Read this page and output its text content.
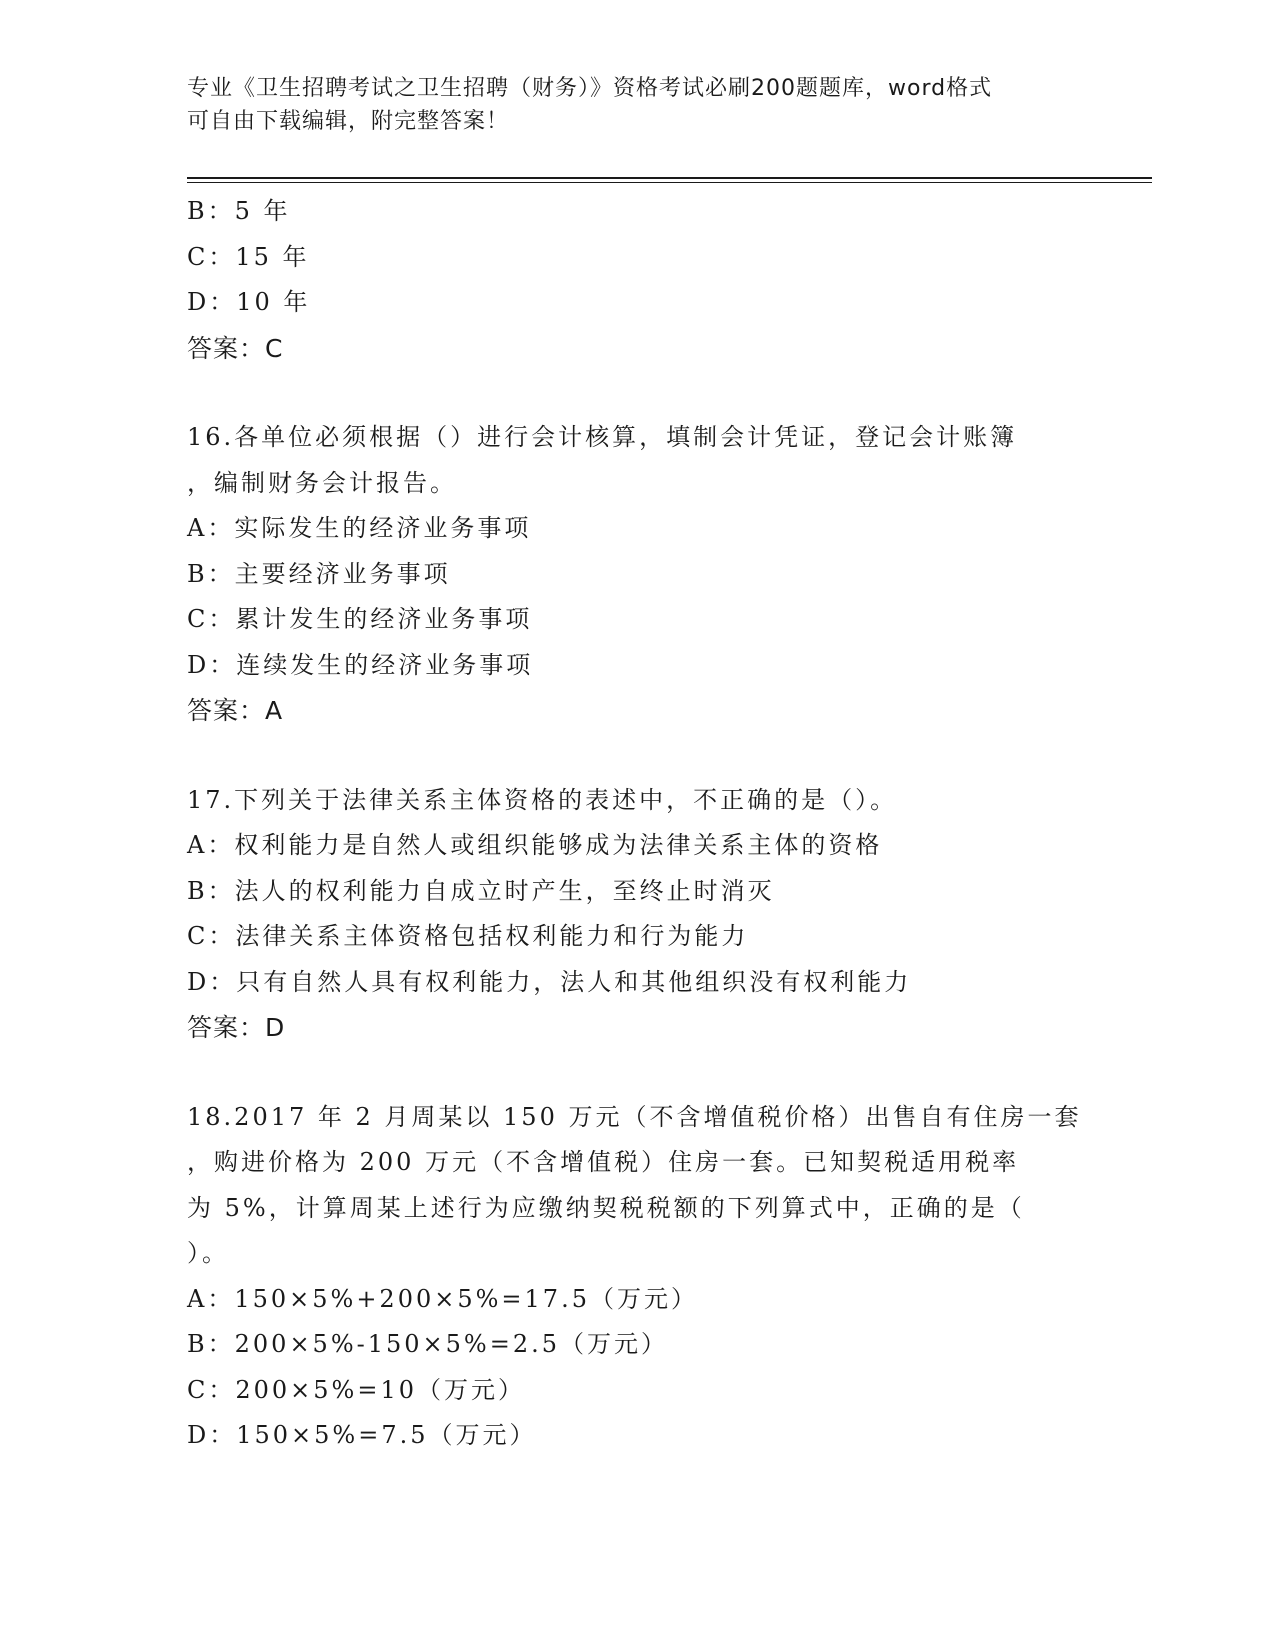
专业《卫生招聘考试之卫生招聘（财务）》资格考试必刷200题题库，word格式
可自由下载编辑，附完整答案！
B：5 年
C：15 年
D：10 年
答案：C
16.各单位必须根据（）进行会计核算，填制会计凭证，登记会计账簿
，编制财务会计报告。
A：实际发生的经济业务事项
B：主要经济业务事项
C：累计发生的经济业务事项
D：连续发生的经济业务事项
答案：A
17.下列关于法律关系主体资格的表述中，不正确的是（）。
A：权利能力是自然人或组织能够成为法律关系主体的资格
B：法人的权利能力自成立时产生，至终止时消灭
C：法律关系主体资格包括权利能力和行为能力
D：只有自然人具有权利能力，法人和其他组织没有权利能力
答案：D
18.2017 年 2 月周某以 150 万元（不含增值税价格）出售自有住房一套
，购进价格为 200 万元（不含增值税）住房一套。已知契税适用税率
为 5%，计算周某上述行为应缴纳契税税额的下列算式中，正确的是（
）。
A：150×5%+200×5%=17.5（万元）
B：200×5%-150×5%=2.5（万元）
C：200×5%=10（万元）
D：150×5%=7.5（万元）
